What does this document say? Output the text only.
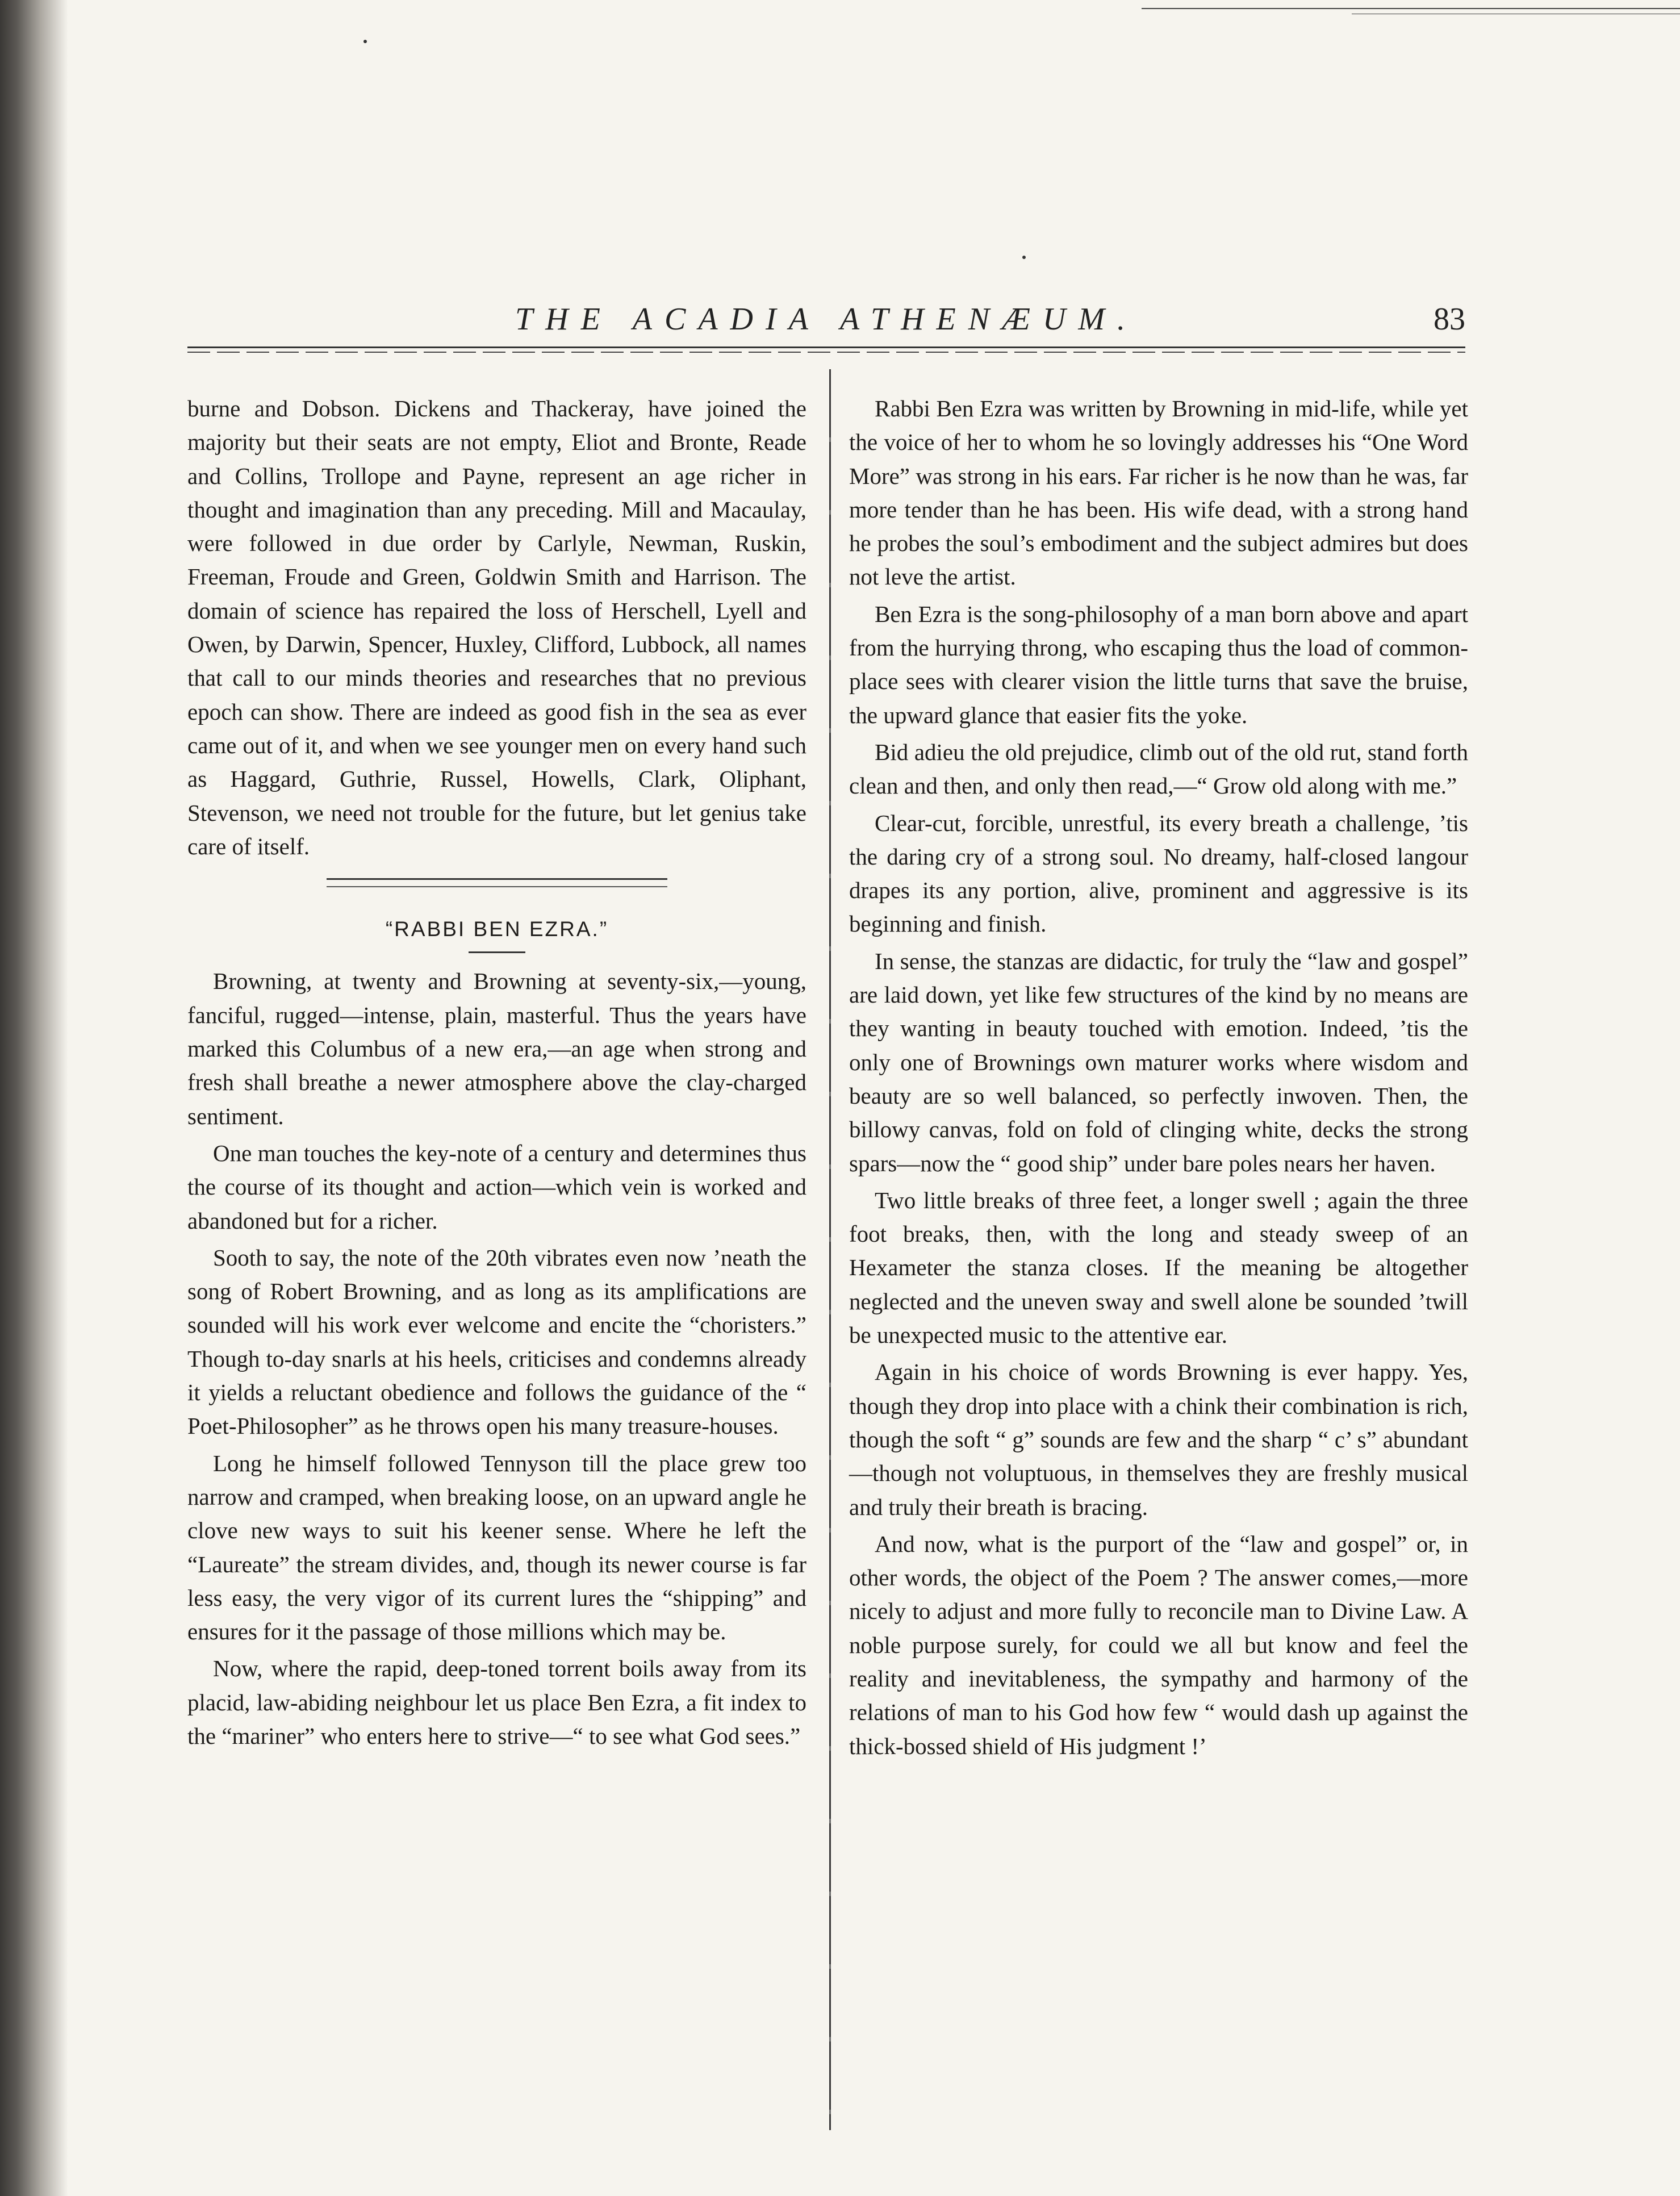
THE ACADIA ATHENÆUM.	83

burne and Dobson. Dickens and Thackeray, have joined the majority but their seats are not empty, Eliot and Bronte, Reade and Collins, Trollope and Payne, represent an age richer in thought and imagination than any preceding. Mill and Macaulay, were followed in due order by Carlyle, Newman, Ruskin, Freeman, Froude and Green, Goldwin Smith and Harrison. The domain of science has repaired the loss of Herschell, Lyell and Owen, by Darwin, Spencer, Huxley, Clifford, Lubbock, all names that call to our minds theories and researches that no previous epoch can show. There are indeed as good fish in the sea as ever came out of it, and when we see younger men on every hand such as Haggard, Guthrie, Russel, Howells, Clark, Oliphant, Stevenson, we need not trouble for the future, but let genius take care of itself.

“RABBI BEN EZRA.”

Browning, at twenty and Browning at seventy-six,—young, fanciful, rugged—intense, plain, masterful. Thus the years have marked this Columbus of a new era,—an age when strong and fresh shall breathe a newer atmosphere above the clay-charged sentiment.

One man touches the key-note of a century and determines thus the course of its thought and action—which vein is worked and abandoned but for a richer.

Sooth to say, the note of the 20th vibrates even now ’neath the song of Robert Browning, and as long as its amplifications are sounded will his work ever welcome and encite the “choristers.” Though to-day snarls at his heels, criticises and condemns already it yields a reluctant obedience and follows the guidance of the “ Poet-Philosopher” as he throws open his many treasure-houses.

Long he himself followed Tennyson till the place grew too narrow and cramped, when breaking loose, on an upward angle he clove new ways to suit his keener sense. Where he left the “Laureate” the stream divides, and, though its newer course is far less easy, the very vigor of its current lures the “shipping” and ensures for it the passage of those millions which may be.

Now, where the rapid, deep-toned torrent boils away from its placid, law-abiding neighbour let us place Ben Ezra, a fit index to the “mariner” who enters here to strive—“ to see what God sees.”

Rabbi Ben Ezra was written by Browning in mid-life, while yet the voice of her to whom he so lovingly addresses his “One Word More” was strong in his ears. Far richer is he now than he was, far more tender than he has been. His wife dead, with a strong hand he probes the soul’s embodiment and the subject admires but does not leve the artist.

Ben Ezra is the song-philosophy of a man born above and apart from the hurrying throng, who escaping thus the load of common-place sees with clearer vision the little turns that save the bruise, the upward glance that easier fits the yoke.

Bid adieu the old prejudice, climb out of the old rut, stand forth clean and then, and only then read,—“ Grow old along with me.”

Clear-cut, forcible, unrestful, its every breath a challenge, ’tis the daring cry of a strong soul. No dreamy, half-closed langour drapes its any portion, alive, prominent and aggressive is its beginning and finish.

In sense, the stanzas are didactic, for truly the “law and gospel” are laid down, yet like few structures of the kind by no means are they wanting in beauty touched with emotion. Indeed, ’tis the only one of Brownings own maturer works where wisdom and beauty are so well balanced, so perfectly inwoven. Then, the billowy canvas, fold on fold of clinging white, decks the strong spars—now the “ good ship” under bare poles nears her haven.

Two little breaks of three feet, a longer swell ; again the three foot breaks, then, with the long and steady sweep of an Hexameter the stanza closes. If the meaning be altogether neglected and the uneven sway and swell alone be sounded ’twill be unexpected music to the attentive ear.

Again in his choice of words Browning is ever happy. Yes, though they drop into place with a chink their combination is rich, though the soft “ g” sounds are few and the sharp “ c’ s” abundant—though not voluptuous, in themselves they are freshly musical and truly their breath is bracing.

And now, what is the purport of the “law and gospel” or, in other words, the object of the Poem ? The answer comes,—more nicely to adjust and more fully to reconcile man to Divine Law. A noble purpose surely, for could we all but know and feel the reality and inevitableness, the sympathy and harmony of the relations of man to his God how few “ would dash up against the thick-bossed shield of His judgment !’
